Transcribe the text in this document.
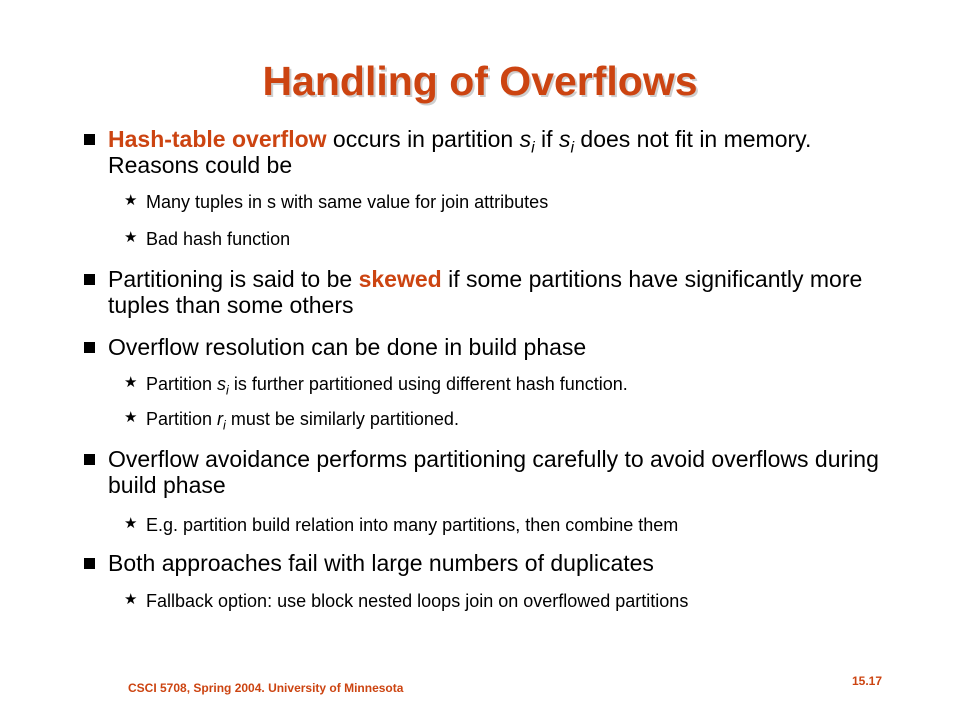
Handling of Overflows
Hash-table overflow occurs in partition $s_i$ if $s_i$ does not fit in memory. Reasons could be
★ Many tuples in s with same value for join attributes
★ Bad hash function
Partitioning is said to be skewed if some partitions have significantly more tuples than some others
Overflow resolution can be done in build phase
★ Partition $s_i$ is further partitioned using different hash function.
★ Partition $r_i$ must be similarly partitioned.
Overflow avoidance performs partitioning carefully to avoid overflows during build phase
★ E.g. partition build relation into many partitions, then combine them
Both approaches fail with large numbers of duplicates
★ Fallback option: use block nested loops join on overflowed partitions
CSCI 5708, Spring 2004. University of Minnesota	15.17
